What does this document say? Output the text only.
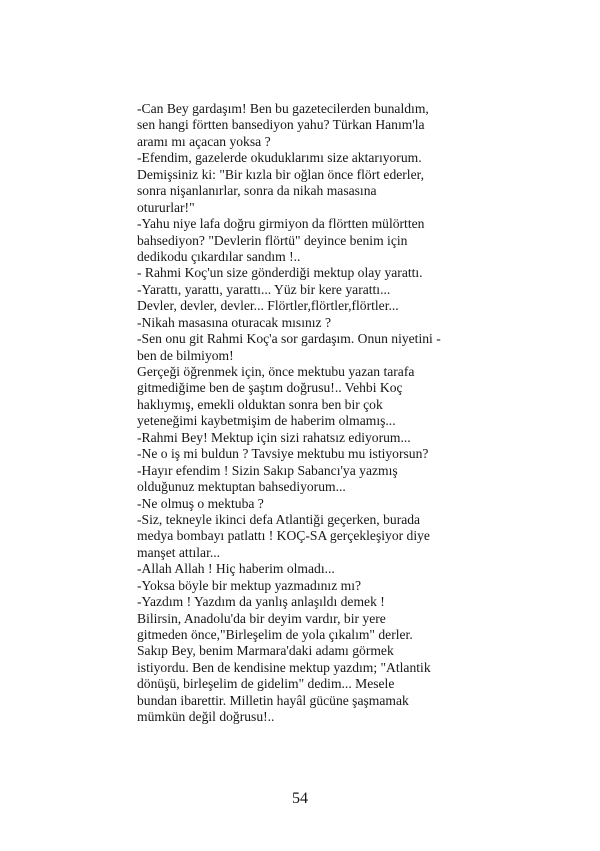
-Can Bey gardaşım! Ben bu gazetecilerden bunaldım,
sen hangi förtten bansediyon yahu? Türkan Hanım'la
aramı mı açacan yoksa ?
-Efendim, gazelerde okuduklarımı size aktarıyorum.
Demişsiniz ki: "Bir kızla bir oğlan önce flört ederler,
sonra nişanlanırlar, sonra da nikah masasına
otururlar!"
-Yahu niye lafa doğru girmiyon da flörtten mülörtten
bahsediyon? "Devlerin flörtü" deyince benim için
dedikodu çıkardılar sandım !..
- Rahmi Koç'un size gönderdiği mektup olay yarattı.
-Yarattı, yarattı, yarattı... Yüz bir kere yarattı...
Devler, devler, devler... Flörtler,flörtler,flörtler...
-Nikah masasına oturacak mısınız ?
-Sen onu git Rahmi Koç'a sor gardaşım. Onun niyetini -
ben de bilmiyom!
Gerçeği öğrenmek için, önce mektubu yazan tarafa
gitmediğime ben de şaştım doğrusu!.. Vehbi Koç
haklıymış, emekli olduktan sonra ben bir çok
yeteneğimi kaybetmişim de haberim olmamış...
-Rahmi Bey! Mektup için sizi rahatsız ediyorum...
-Ne o iş mi buldun ? Tavsiye mektubu mu istiyorsun?
-Hayır efendim ! Sizin Sakıp Sabancı'ya yazmış
olduğunuz mektuptan bahsediyorum...
-Ne olmuş o mektuba ?
-Siz, tekneyle ikinci defa Atlantiği geçerken, burada
medya bombayı patlattı ! KOÇ-SA gerçekleşiyor diye
manşet attılar...
-Allah Allah ! Hiç haberim olmadı...
-Yoksa böyle bir mektup yazmadınız mı?
-Yazdım ! Yazdım da yanlış anlaşıldı demek !
Bilirsin, Anadolu'da bir deyim vardır, bir yere
gitmeden önce,"Birleşelim de yola çıkalım" derler.
Sakıp Bey, benim Marmara'daki adamı görmek
istiyordu. Ben de kendisine mektup yazdım; "Atlantik
dönüşü, birleşelim de gidelim" dedim... Mesele
bundan ibarettir. Milletin hayâl gücüne şaşmamak
mümkün değil doğrusu!..
54
